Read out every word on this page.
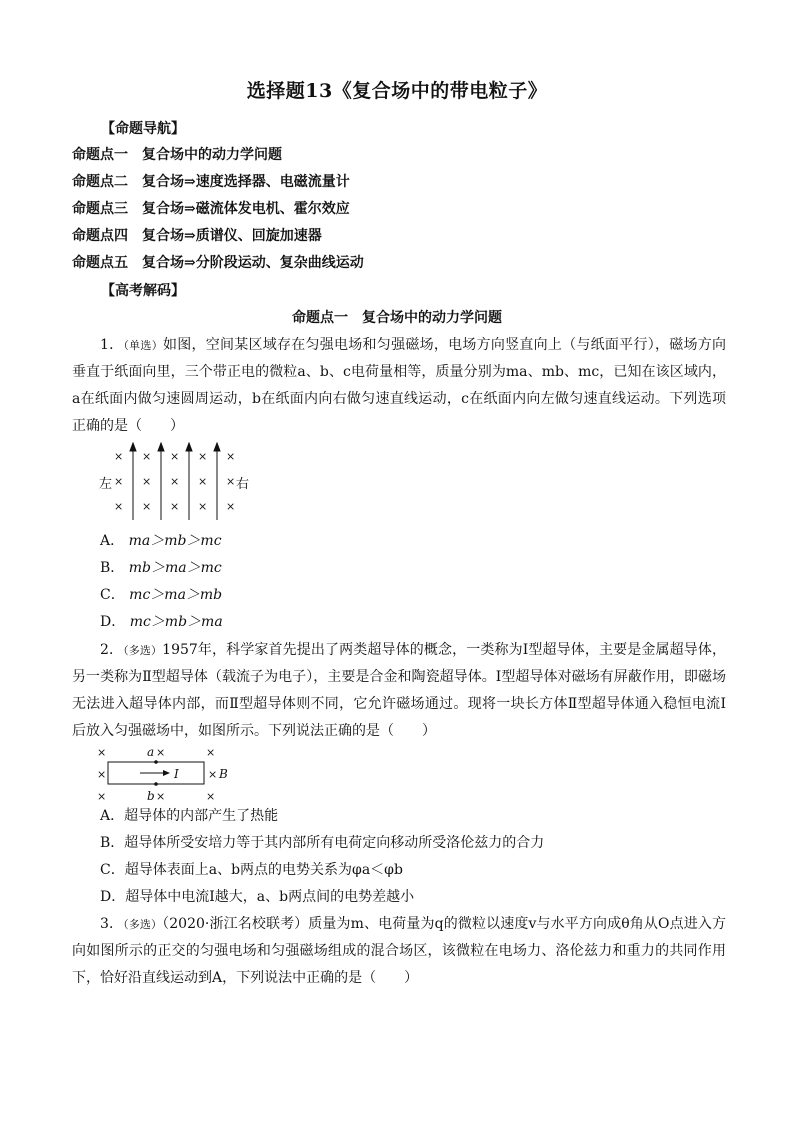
选择题13《复合场中的带电粒子》
【命题导航】
命题点一 复合场中的动力学问题
命题点二 复合场⇒速度选择器、电磁流量计
命题点三 复合场⇒磁流体发电机、霍尔效应
命题点四 复合场⇒质谱仪、回旋加速器
命题点五 复合场⇒分阶段运动、复杂曲线运动
【高考解码】
命题点一　复合场中的动力学问题

1．（单选）如图，空间某区域存在匀强电场和匀强磁场，电场方向竖直向上（与纸面平行），磁场方向垂直于纸面向里，三个带正电的微粒a、b、c电荷量相等，质量分别为ma、mb、mc，已知在该区域内，a在纸面内做匀速圆周运动，b在纸面内向右做匀速直线运动，c在纸面内向左做匀速直线运动。下列选项正确的是（　　）

× × × × ×
× × × × ×
× × × × ×
左	右
A． ma＞mb＞mc
B． mb＞ma＞mc
C． mc＞ma＞mb
D． mc＞mb＞ma

2．（多选）1957年，科学家首先提出了两类超导体的概念，一类称为Ⅰ型超导体，主要是金属超导体，另一类称为Ⅱ型超导体（载流子为电子），主要是合金和陶瓷超导体。Ⅰ型超导体对磁场有屏蔽作用，即磁场无法进入超导体内部，而Ⅱ型超导体则不同，它允许磁场通过。现将一块长方体Ⅱ型超导体通入稳恒电流I后放入匀强磁场中，如图所示。下列说法正确的是（　　）

×	×	×
×	×
×	×	×
a
b
I	B
A．超导体的内部产生了热能
B．超导体所受安培力等于其内部所有电荷定向移动所受洛伦兹力的合力
C．超导体表面上a、b两点的电势关系为φa＜φb
D．超导体中电流I越大，a、b两点间的电势差越小

3．（多选）（2020·浙江名校联考）质量为m、电荷量为q的微粒以速度v与水平方向成θ角从O点进入方向如图所示的正交的匀强电场和匀强磁场组成的混合场区，该微粒在电场力、洛伦兹力和重力的共同作用下，恰好沿直线运动到A，下列说法中正确的是（　　）
